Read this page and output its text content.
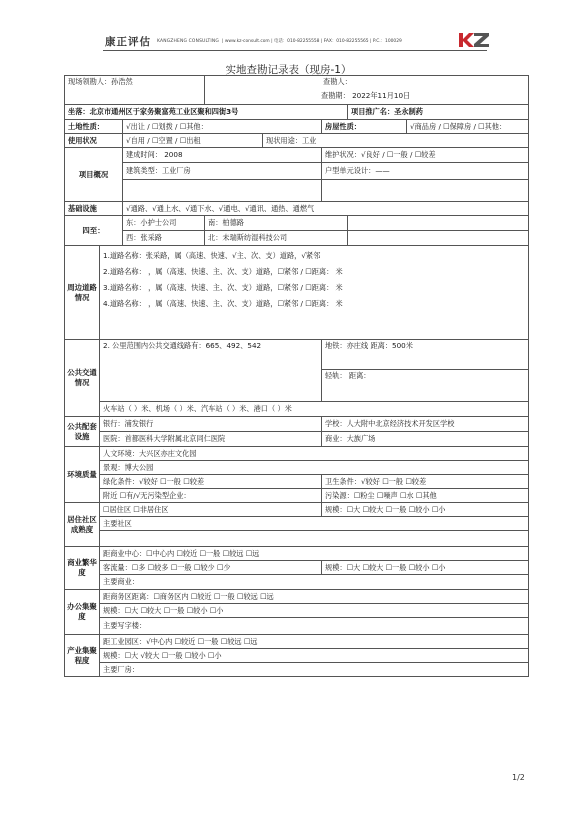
康正评估 KANGZHENG CONSULTING | www.kz-consult.com | 电话：010-82255558 | FAX：010-82255565 | P.C.：100029
实地查勘记录表（现房-1）
现场领勘人：孙浩然			查勘人：
查勘期： 2022年11月10日				

坐落：北京市通州区于家务聚富苑工业区聚和四街3号						项目推广名：圣永制药	
土地性质：		√出让 / ☐划拨 / ☐其他：			房屋性质：		√商品房 / ☐保障房 / ☐其他：
使用状况		√自用 / ☐空置 / ☐出租		现状用途：工业			
项目概况		建成时间： 2008			维护状况：√良好 / ☐一般 / ☐较差		
		建筑类型：工业厂房			户型单元设计：——		

基础设施		√通路、√通上水、√通下水、√通电、√通讯、通热、通燃气					
四至：		东：小护士公司	南：柏德路				
		西：张采路	北：未瑞斯纺湿科技公司				
周边道路情况	1.道路名称：张采路，属（高速、快速、√主、次、支）道路，√紧邻
2.道路名称： ，属（高速、快速、主、次、支）道路，☐紧邻 / ☐距离： 米
3.道路名称： ，属（高速、快速、主、次、支）道路，☐紧邻 / ☐距离： 米
4.道路名称： ，属（高速、快速、主、次、支）道路，☐紧邻 / ☐距离： 米						

公共交通情况	2. 公里范围内公共交通线路有：665、492、542				地铁：亦庄线 距离：500米		
					轻轨： 距离：		
	火车站（ ）米、机场（ ）米、汽车站（ ）米、港口（ ）米						
公共配套设施	银行：浦发银行				学校：人大附中北京经济技术开发区学校		
	医院：首都医科大学附属北京同仁医院				商业：大族广场		
环境质量	人文环境：大兴区亦庄文化园						
	景观：博大公园						
	绿化条件：√较好 ☐一般 ☐较差				卫生条件：√较好 ☐一般 ☐较差		
	附近 ☐有/√无污染型企业：				污染源：☐粉尘 ☐噪声 ☐水 ☐其他		
居住社区成熟度	☐居住区 ☐非居住区				规模：☐大 ☐较大 ☐一般 ☐较小 ☐小		
	主要社区						

商业繁华度	距商业中心：☐中心内 ☐较近 ☐一般 ☐较远 ☐远						
	客流量：☐多 ☐较多 ☐一般 ☐较少 ☐少				规模：☐大 ☐较大 ☐一般 ☐较小 ☐小		
	主要商业：						
办公集聚度	距商务区距离：☐商务区内 ☐较近 ☐一般 ☐较远 ☐远						
	规模：☐大 ☐较大 ☐一般 ☐较小 ☐小						
	主要写字楼：						
产业集聚程度	距工业园区：√中心内 ☐较近 ☐一般 ☐较远 ☐远						
	规模：☐大 √较大 ☐一般 ☐较小 ☐小						
	主要厂房：						
1/2
